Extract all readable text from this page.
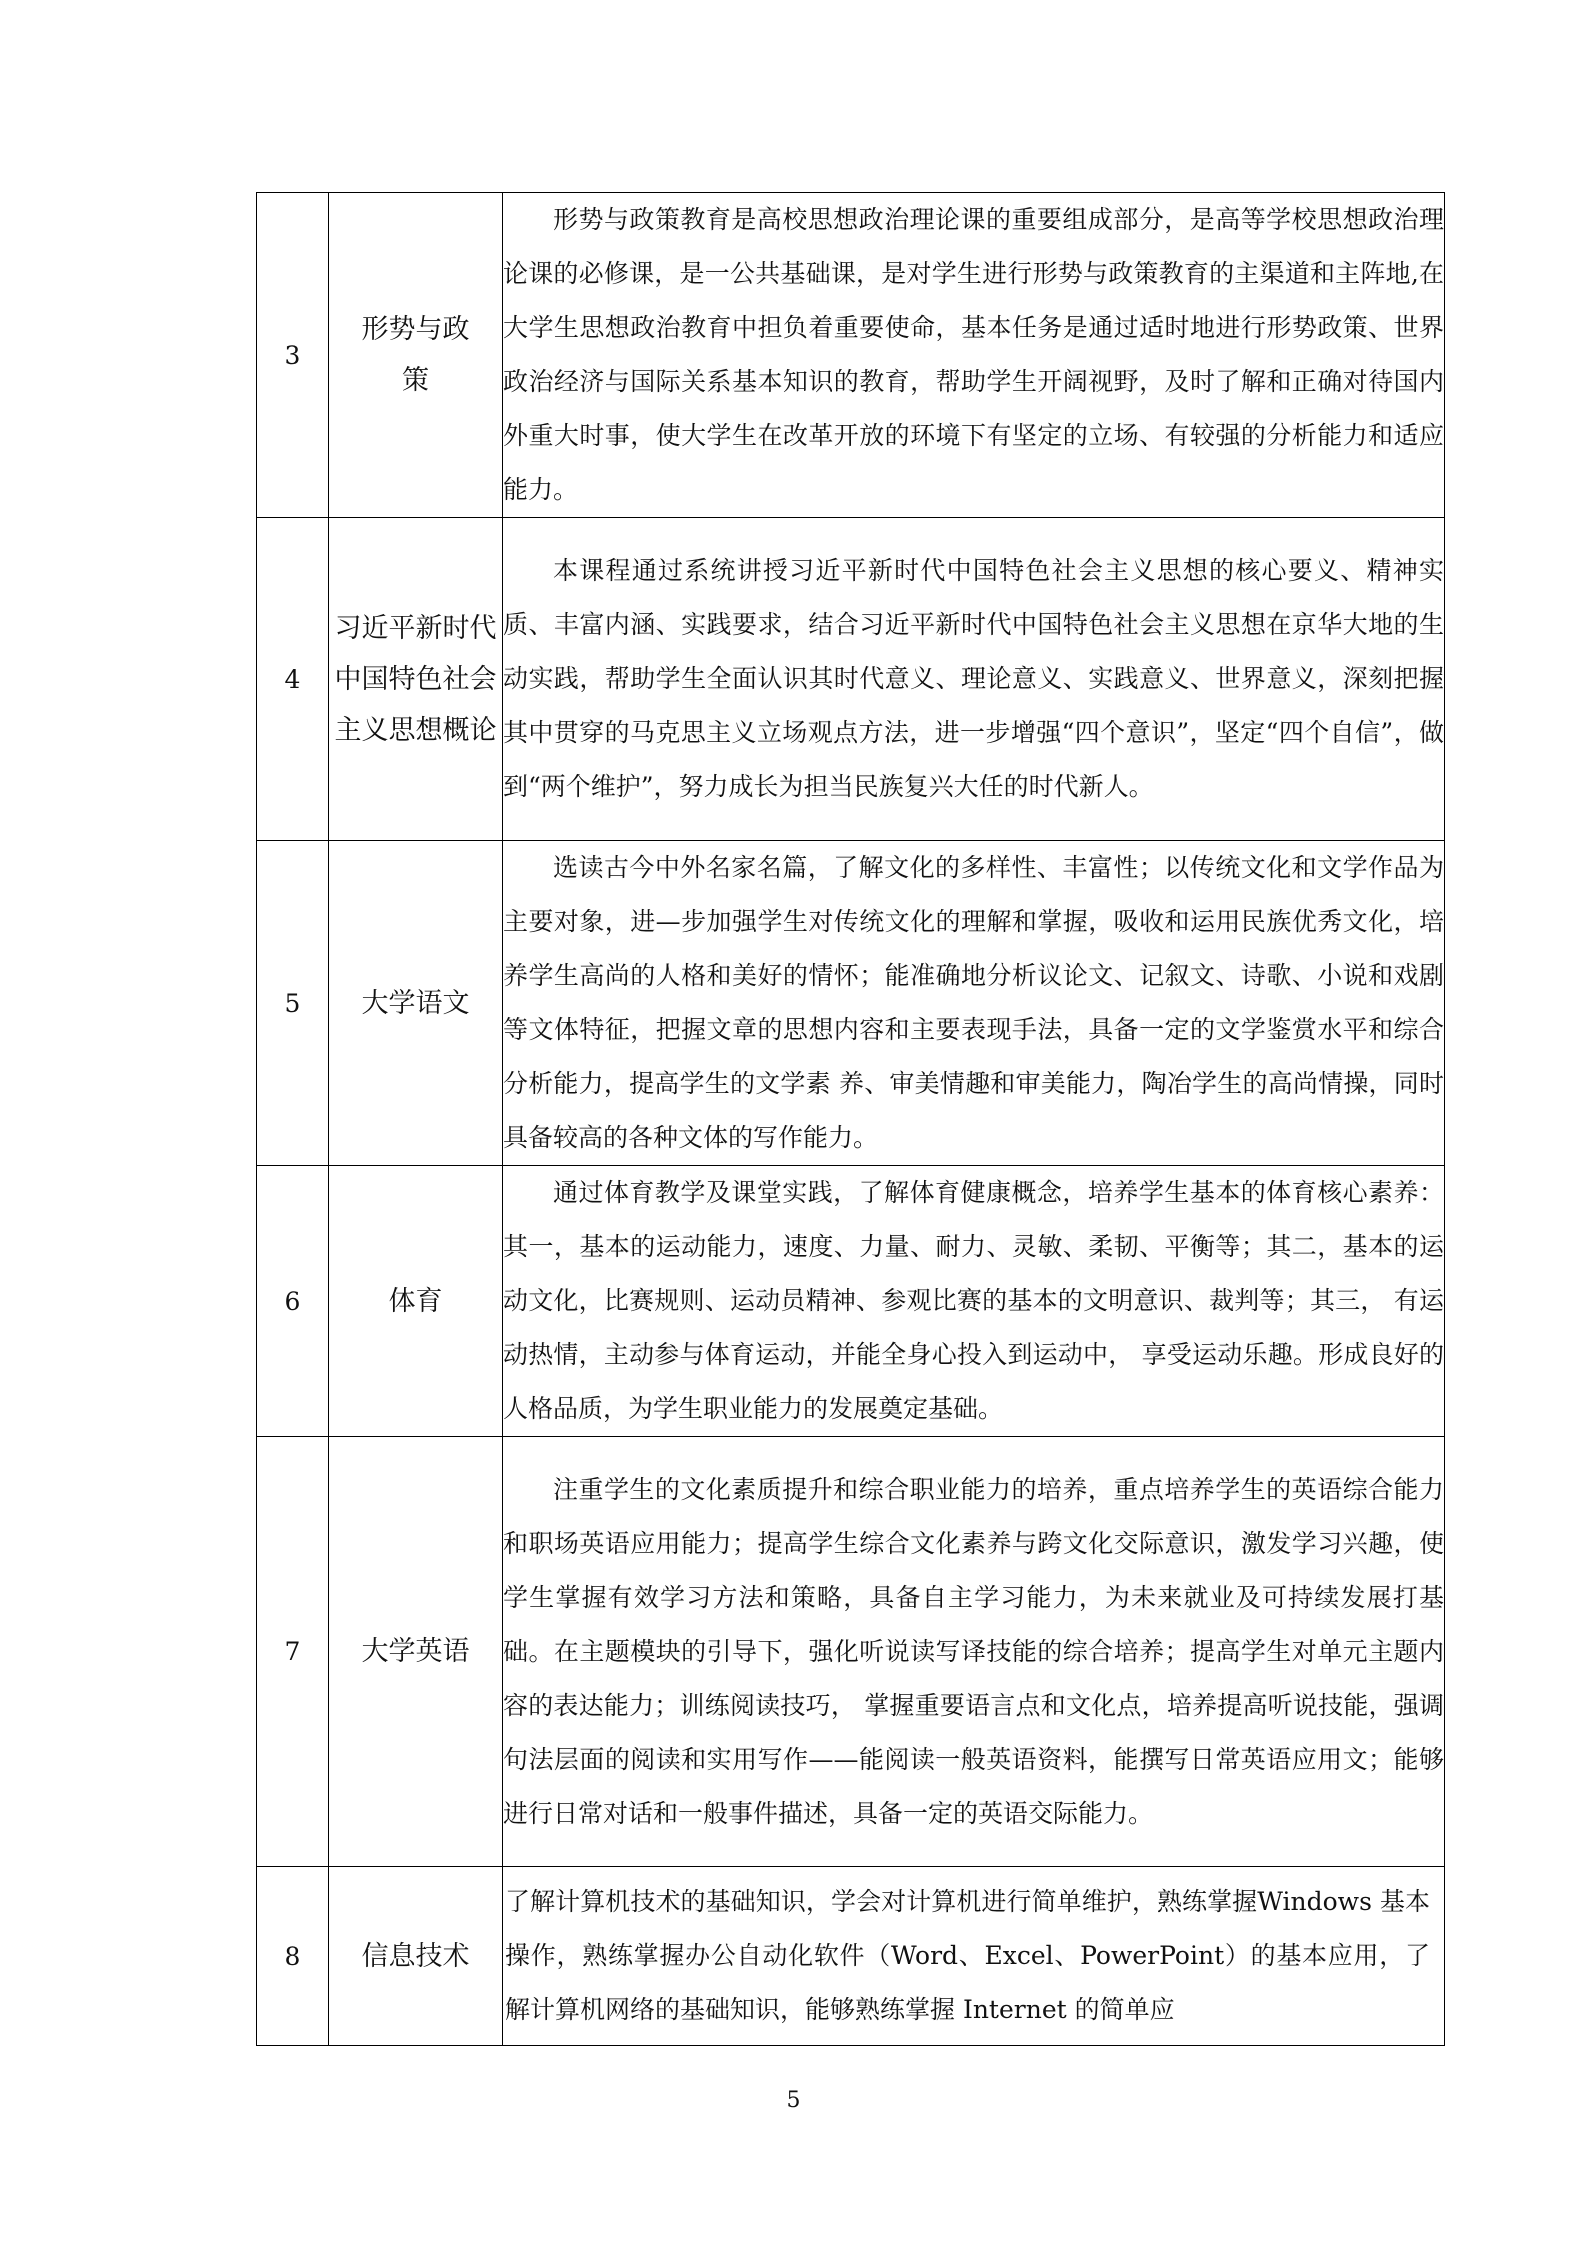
3	形势与政策	形势与政策教育是高校思想政治理论课的重要组成部分，是高等学校思想政治理论课的必修课，是一公共基础课，是对学生进行形势与政策教育的主渠道和主阵地,在大学生思想政治教育中担负着重要使命，基本任务是通过适时地进行形势政策、世界政治经济与国际关系基本知识的教育，帮助学生开阔视野，及时了解和正确对待国内外重大时事，使大学生在改革开放的环境下有坚定的立场、有较强的分析能力和适应能力。

4	习近平新时代中国特色社会主义思想概论	本课程通过系统讲授习近平新时代中国特色社会主义思想的核心要义、精神实质、丰富内涵、实践要求，结合习近平新时代中国特色社会主义思想在京华大地的生动实践，帮助学生全面认识其时代意义、理论意义、实践意义、世界意义，深刻把握其中贯穿的马克思主义立场观点方法，进一步增强“四个意识”，坚定“四个自信”，做到“两个维护”，努力成长为担当民族复兴大任的时代新人。

5	大学语文	选读古今中外名家名篇，了解文化的多样性、丰富性；以传统文化和文学作品为主要对象，进—步加强学生对传统文化的理解和掌握，吸收和运用民族优秀文化，培养学生高尚的人格和美好的情怀；能准确地分析议论文、记叙文、诗歌、小说和戏剧等文体特征，把握文章的思想内容和主要表现手法，具备一定的文学鉴赏水平和综合分析能力，提高学生的文学素 养、审美情趣和审美能力，陶冶学生的高尚情操，同时具备较高的各种文体的写作能力。

6	体育	通过体育教学及课堂实践，了解体育健康概念，培养学生基本的体育核心素养：其一，基本的运动能力，速度、力量、耐力、灵敏、柔韧、平衡等；其二，基本的运动文化，比赛规则、运动员精神、参观比赛的基本的文明意识、裁判等；其三， 有运动热情，主动参与体育运动，并能全身心投入到运动中， 享受运动乐趣。形成良好的人格品质，为学生职业能力的发展奠定基础。

7	大学英语	注重学生的文化素质提升和综合职业能力的培养，重点培养学生的英语综合能力和职场英语应用能力；提高学生综合文化素养与跨文化交际意识，激发学习兴趣，使学生掌握有效学习方法和策略，具备自主学习能力，为未来就业及可持续发展打基础。在主题模块的引导下，强化听说读写译技能的综合培养；提高学生对单元主题内容的表达能力；训练阅读技巧， 掌握重要语言点和文化点，培养提高听说技能，强调句法层面的阅读和实用写作——能阅读一般英语资料，能撰写日常英语应用文；能够进行日常对话和一般事件描述，具备一定的英语交际能力。

8	信息技术	了解计算机技术的基础知识，学会对计算机进行简单维护，熟练掌握Windows 基本操作，熟练掌握办公自动化软件（Word、Excel、PowerPoint）的基本应用，了解计算机网络的基础知识，能够熟练掌握 Internet 的简单应

5
